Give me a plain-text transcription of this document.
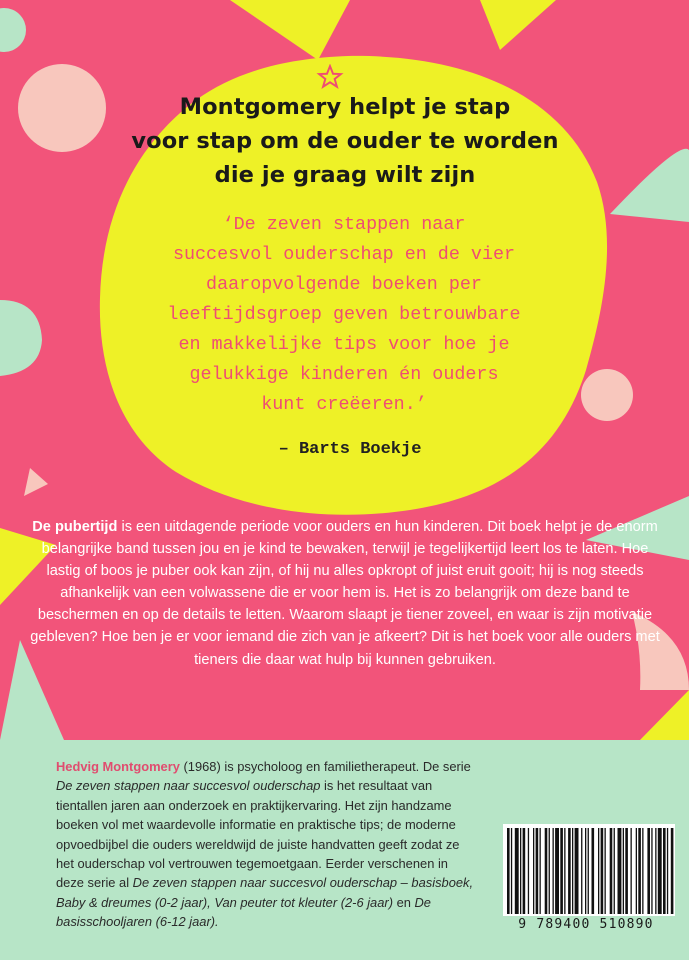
Montgomery helpt je stap
voor stap om de ouder te worden
die je graag wilt zijn
‘De zeven stappen naar
succesvol ouderschap en de vier
daaropvolgende boeken per
leeftijdsgroep geven betrouwbare
en makkelijke tips voor hoe je
gelukkige kinderen én ouders
kunt creëeren.’
– Barts Boekje
De pubertijd is een uitdagende periode voor ouders en hun kinderen. Dit boek helpt je de enorm belangrijke band tussen jou en je kind te bewaken, terwijl je tegelijkertijd leert los te laten. Hoe lastig of boos je puber ook kan zijn, of hij nu alles opkropt of juist eruit gooit; hij is nog steeds afhankelijk van een volwassene die er voor hem is. Het is zo belangrijk om deze band te beschermen en op de details te letten. Waarom slaapt je tiener zoveel, en waar is zijn motivatie gebleven? Hoe ben je er voor iemand die zich van je afkeert? Dit is het boek voor alle ouders met tieners die daar wat hulp bij kunnen gebruiken.
Hedvig Montgomery (1968) is psycholoog en familietherapeut. De serie De zeven stappen naar succesvol ouderschap is het resultaat van tientallen jaren aan onderzoek en praktijkervaring. Het zijn handzame boeken vol met waardevolle informatie en praktische tips; de moderne opvoedbijbel die ouders wereldwijd de juiste handvatten geeft zodat ze het ouderschap vol vertrouwen tegemoetgaan. Eerder verschenen in deze serie al De zeven stappen naar succesvol ouderschap – basisboek, Baby & dreumes (0-2 jaar), Van peuter tot kleuter (2-6 jaar) en De basisschooljaren (6-12 jaar).	9 789400 510890
